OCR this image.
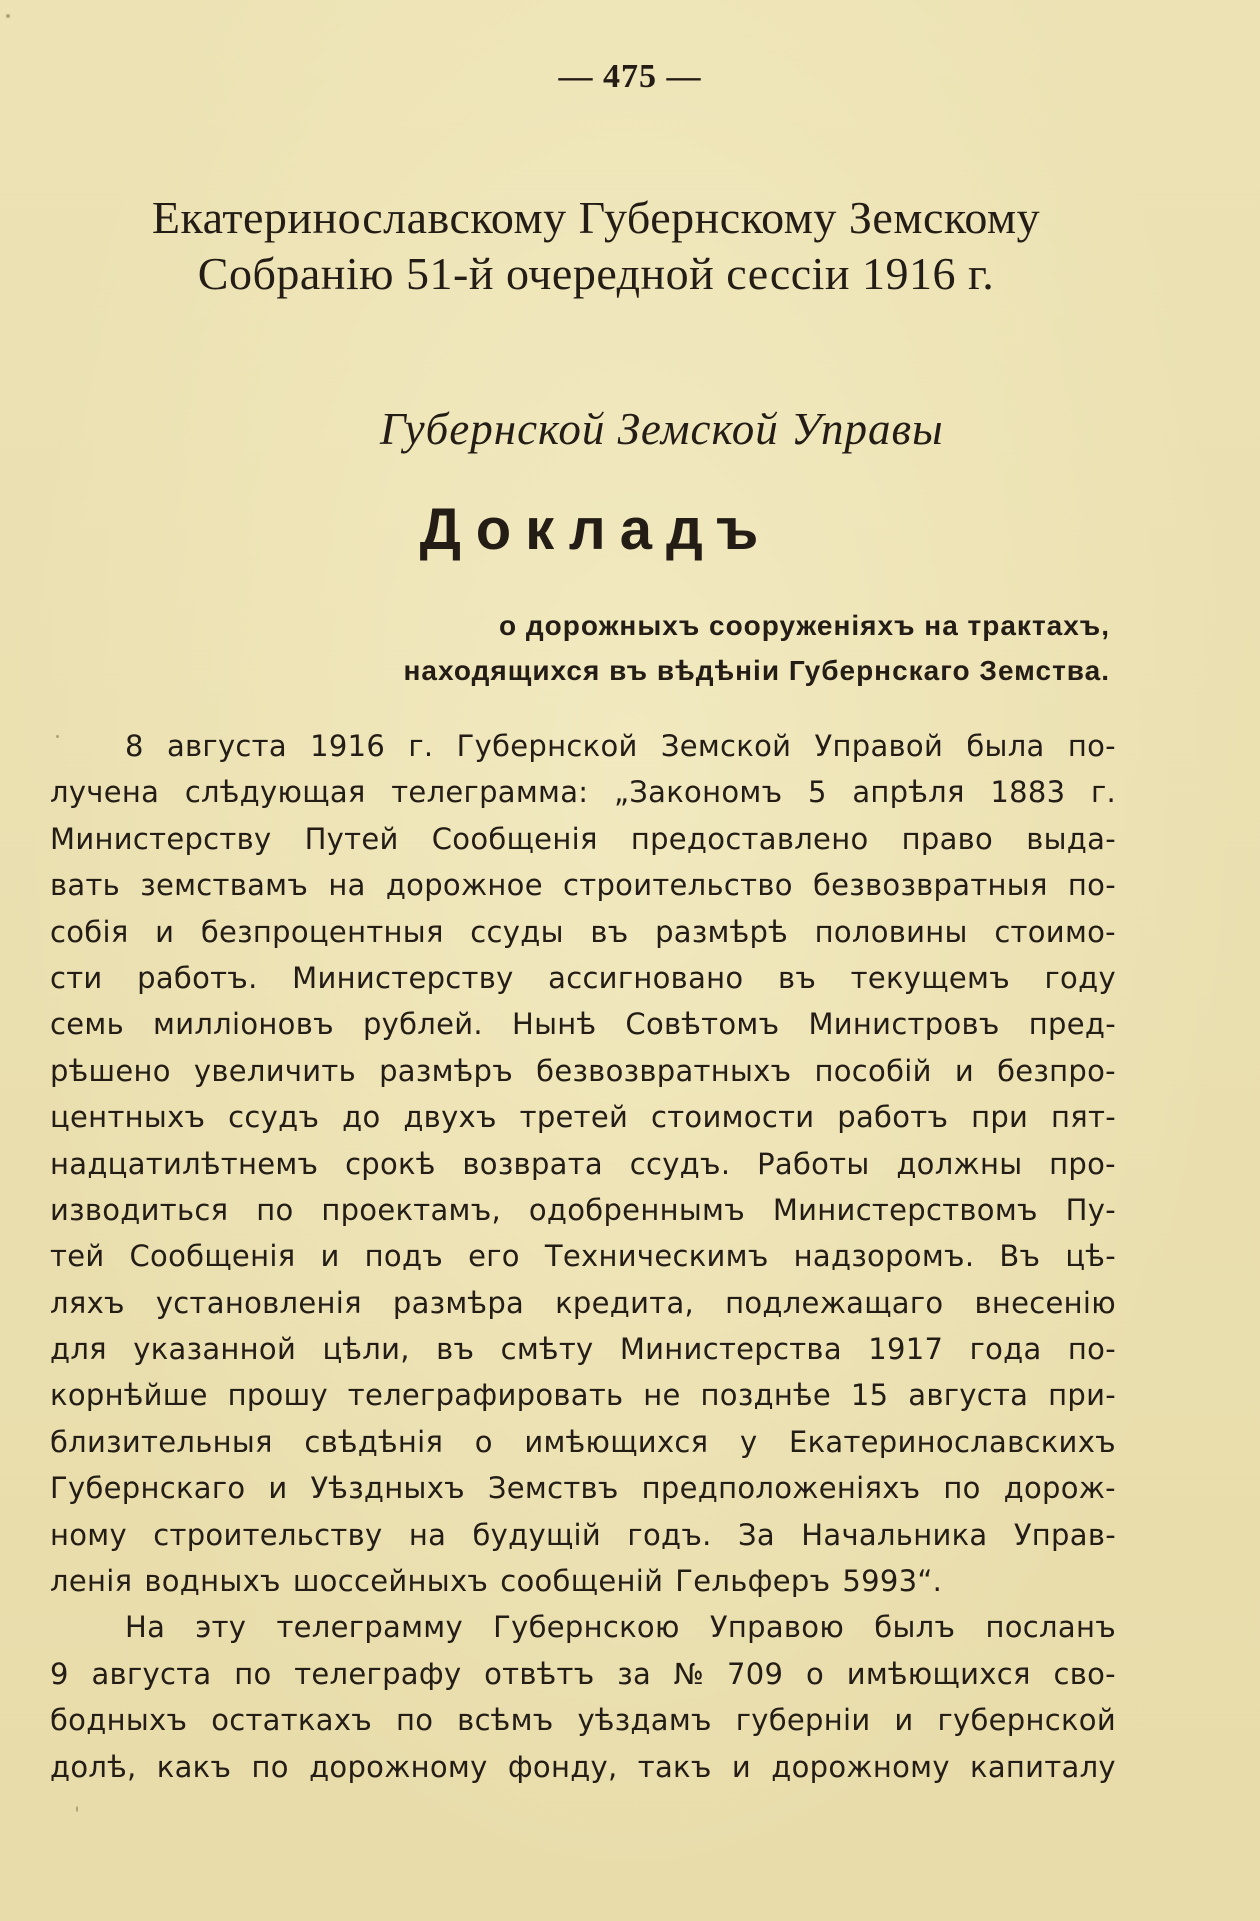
— 475 —
Екатеринославскому Губернскому Земскому
Собранію 51-й очередной сессіи 1916 г.
Губернской Земской Управы
Докладъ
о дорожныхъ сооруженіяхъ на трактахъ,
находящихся въ вѣдѣніи Губернскаго Земства.
8 августа 1916 г. Губернской Земской Управой была по-
лучена слѣдующая телеграмма: „Закономъ 5 апрѣля 1883 г.
Министерству Путей Сообщенія предоставлено право выда-
вать земствамъ на дорожное строительство безвозвратныя по-
собія и безпроцентныя ссуды въ размѣрѣ половины стоимо-
сти работъ. Министерству ассигновано въ текущемъ году
семь милліоновъ рублей. Нынѣ Совѣтомъ Министровъ пред-
рѣшено увеличить размѣръ безвозвратныхъ пособій и безпро-
центныхъ ссудъ до двухъ третей стоимости работъ при пят-
надцатилѣтнемъ срокѣ возврата ссудъ. Работы должны про-
изводиться по проектамъ, одобреннымъ Министерствомъ Пу-
тей Сообщенія и подъ его Техническимъ надзоромъ. Въ цѣ-
ляхъ установленія размѣра кредита, подлежащаго внесенію
для указанной цѣли, въ смѣту Министерства 1917 года по-
корнѣйше прошу телеграфировать не позднѣе 15 августа при-
близительныя свѣдѣнія о имѣющихся у Екатеринославскихъ
Губернскаго и Уѣздныхъ Земствъ предположеніяхъ по дорож-
ному строительству на будущій годъ. За Начальника Управ-
ленія водныхъ шоссейныхъ сообщеній Гельферъ 5993“.
На эту телеграмму Губернскою Управою былъ посланъ
9 августа по телеграфу отвѣтъ за № 709 о имѣющихся сво-
бодныхъ остаткахъ по всѣмъ уѣздамъ губерніи и губернской
долѣ, какъ по дорожному фонду, такъ и дорожному капиталу
